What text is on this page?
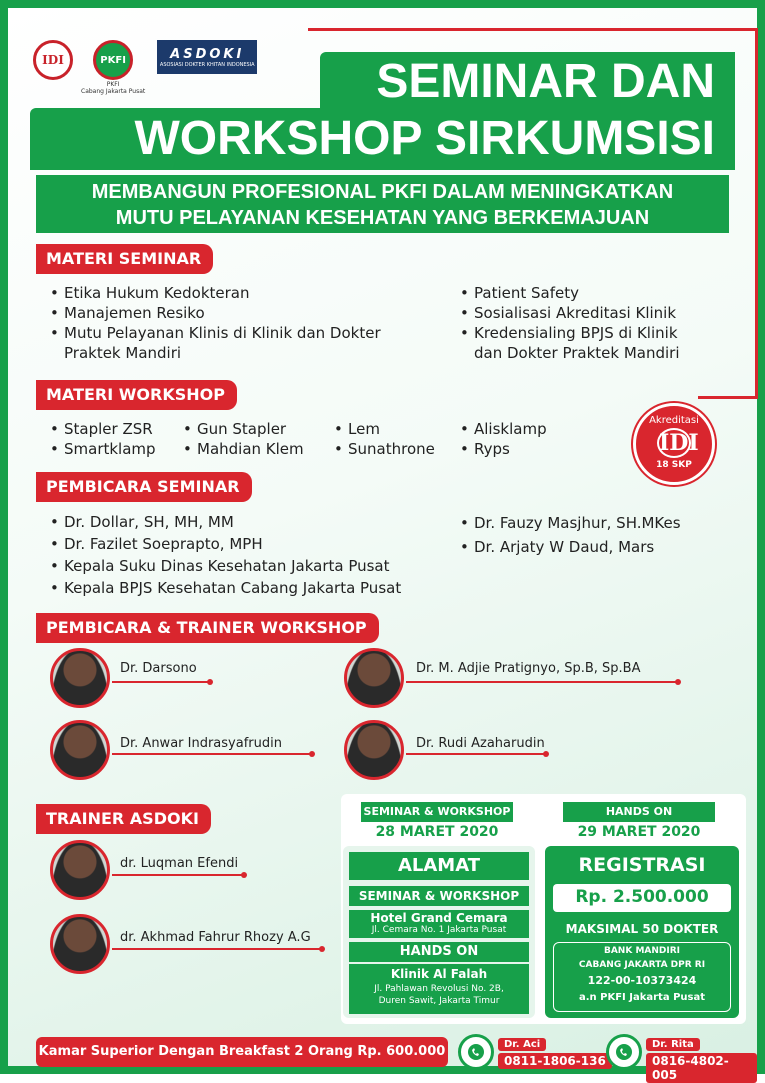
IDI	PKFI
PKFI
Cabang Jakarta Pusat
ASDOKI
ASOSIASI DOKTER KHITAN INDONESIA	SEMINAR DAN
WORKSHOP SIRKUMSISI
MEMBANGUN PROFESIONAL PKFI DALAM MENINGKATKAN
MUTU PELAYANAN KESEHATAN YANG BERKEMAJUAN
MATERI SEMINAR
• Etika Hukum Kedokteran
• Manajemen Resiko
• Mutu Pelayanan Klinis di Klinik dan Dokter Praktek Mandiri
• Patient Safety
• Sosialisasi Akreditasi Klinik
• Kredensialing BPJS di Klinik dan Dokter Praktek Mandiri
MATERI WORKSHOP
• Stapler ZSR
• Smartklamp
• Gun Stapler
• Mahdian Klem
• Lem
• Sunathrone
• Alisklamp
• Ryps
Akreditasi
IDI
18 SKP
PEMBICARA SEMINAR
• Dr. Dollar, SH, MH, MM
• Dr. Fazilet Soeprapto, MPH
• Kepala Suku Dinas Kesehatan Jakarta Pusat
• Kepala BPJS Kesehatan Cabang Jakarta Pusat
• Dr. Fauzy Masjhur, SH.MKes
• Dr. Arjaty W Daud, Mars
PEMBICARA & TRAINER WORKSHOP
Dr. Darsono	Dr. M. Adjie Pratignyo, Sp.B, Sp.BA
Dr. Anwar Indrasyafrudin	Dr. Rudi Azaharudin
TRAINER ASDOKI
dr. Luqman Efendi
dr. Akhmad Fahrur Rhozy A.G
SEMINAR & WORKSHOP
28 MARET 2020
HANDS ON
29 MARET 2020
ALAMAT
SEMINAR & WORKSHOP
Hotel Grand Cemara
Jl. Cemara No. 1 Jakarta Pusat
HANDS ON
Klinik Al Falah
Jl. Pahlawan Revolusi No. 2B,
Duren Sawit, Jakarta Timur
REGISTRASI
Rp. 2.500.000
MAKSIMAL 50 DOKTER
BANK MANDIRI
CABANG JAKARTA DPR RI
122-00-10373424
a.n PKFI Jakarta Pusat
Kamar Superior Dengan Breakfast 2 Orang Rp. 600.000	Dr. Aci
0811-1806-136
Dr. Rita
0816-4802-005
